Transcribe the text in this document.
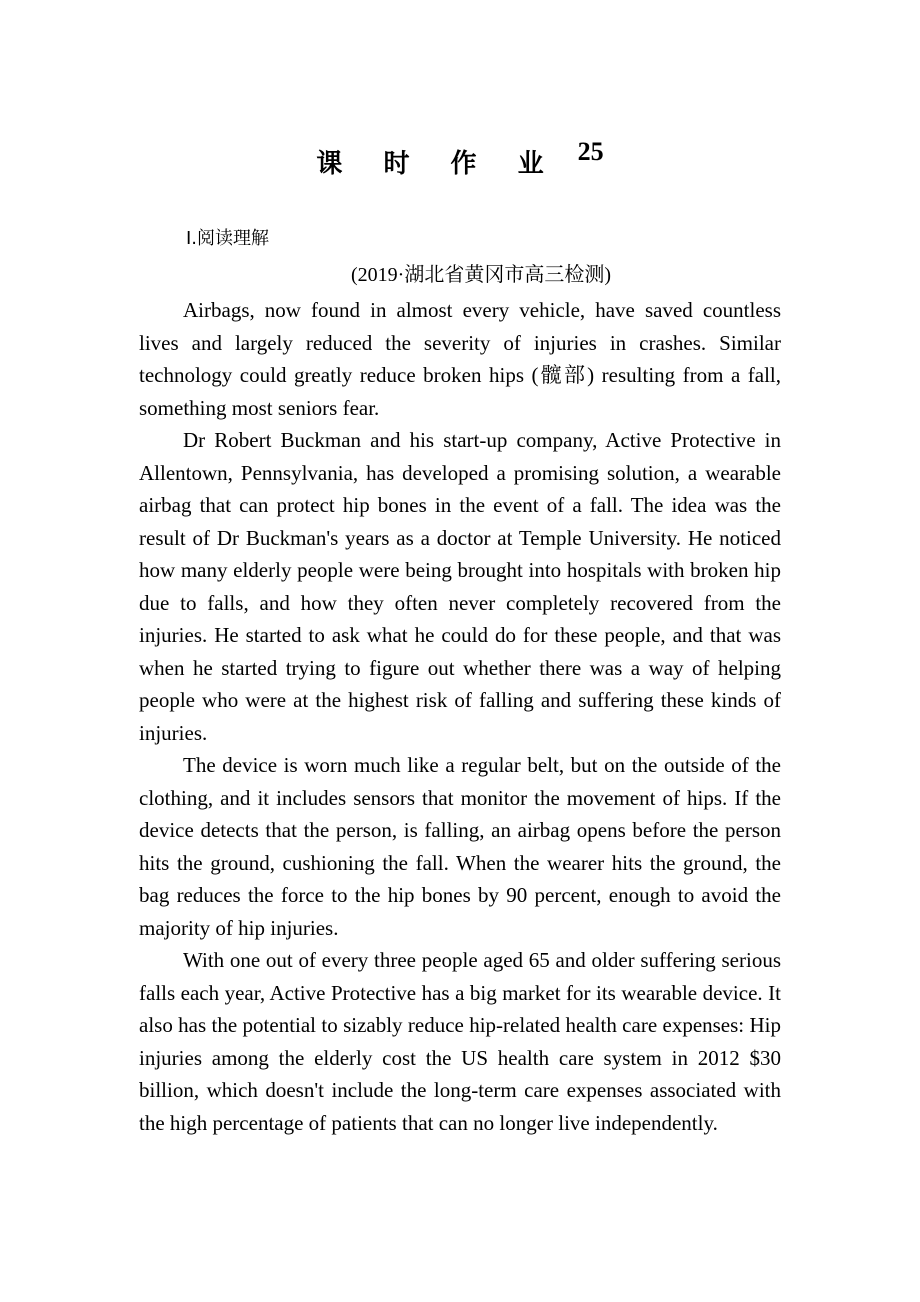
课 时 作 业 25
Ⅰ.阅读理解
(2019·湖北省黄冈市高三检测)

Airbags, now found in almost every vehicle, have saved countless lives and largely reduced the severity of injuries in crashes. Similar technology could greatly reduce broken hips (髋部) resulting from a fall, something most seniors fear.

Dr Robert Buckman and his start-up company, Active Protective in Allentown, Pennsylvania, has developed a promising solution, a wearable airbag that can protect hip bones in the event of a fall. The idea was the result of Dr Buckman's years as a doctor at Temple University. He noticed how many elderly people were being brought into hospitals with broken hip due to falls, and how they often never completely recovered from the injuries. He started to ask what he could do for these people, and that was when he started trying to figure out whether there was a way of helping people who were at the highest risk of falling and suffering these kinds of injuries.

The device is worn much like a regular belt, but on the outside of the clothing, and it includes sensors that monitor the movement of hips. If the device detects that the person, is falling, an airbag opens before the person hits the ground, cushioning the fall. When the wearer hits the ground, the bag reduces the force to the hip bones by 90 percent, enough to avoid the majority of hip injuries.

With one out of every three people aged 65 and older suffering serious falls each year, Active Protective has a big market for its wearable device. It also has the potential to sizably reduce hip-related health care expenses: Hip injuries among the elderly cost the US health care system in 2012 $30 billion, which doesn't include the long-term care expenses associated with the high percentage of patients that can no longer live independently.
